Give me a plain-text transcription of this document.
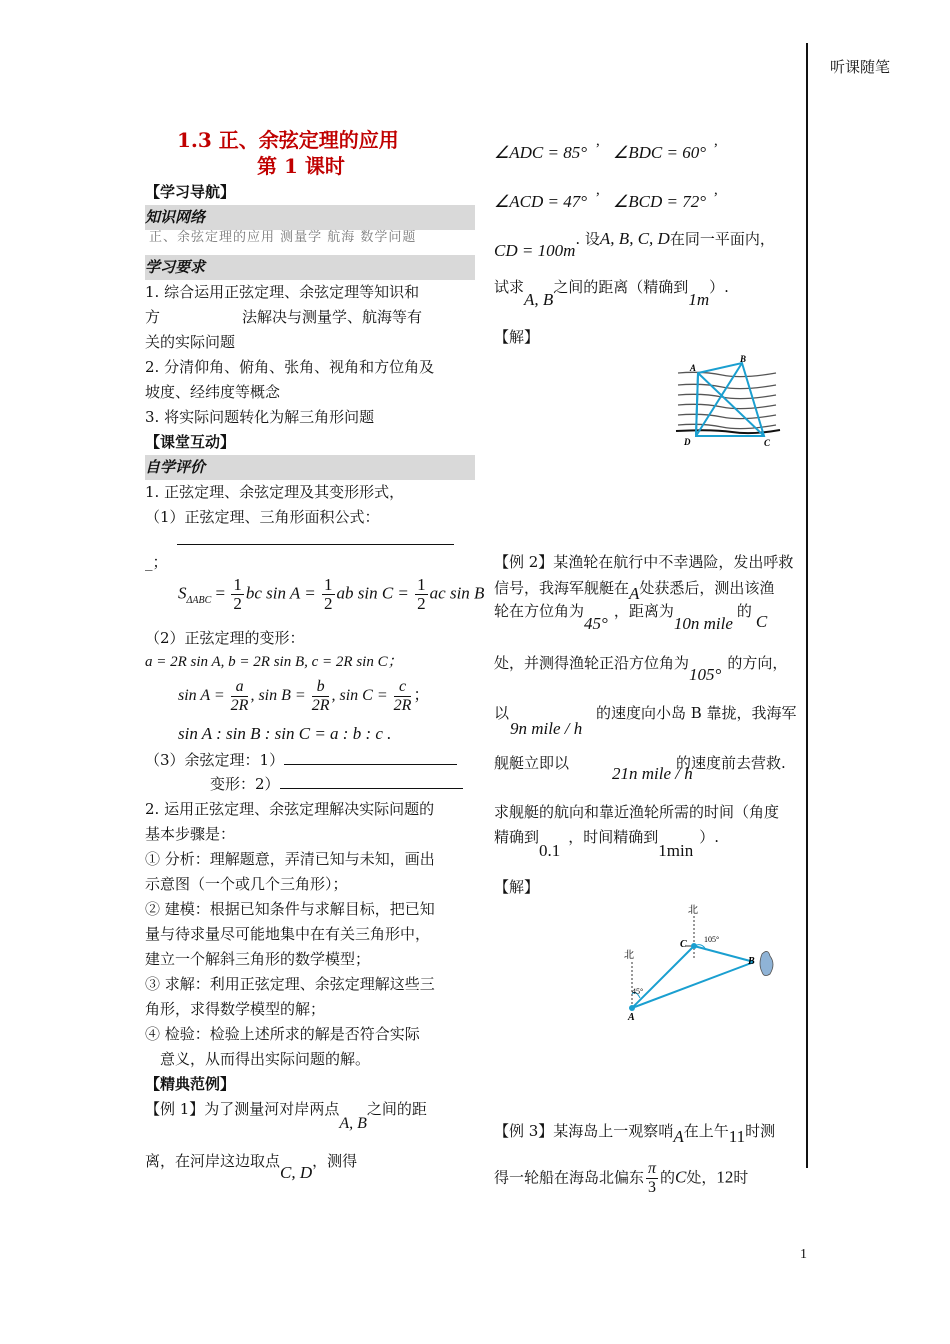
听课随笔
1
1.3 正、余弦定理的应用
第 1 课时
【学习导航】
知识网络
正、余弦定理的应用 测量学 航海 数学问题
学习要求
1. 综合运用正弦定理、余弦定理等知识和
方	法解决与测量学、航海等有
关的实际问题
2. 分清仰角、俯角、张角、视角和方位角及
坡度、经纬度等概念
3. 将实际问题转化为解三角形问题
【课堂互动】
自学评价
1. 正弦定理、余弦定理及其变形形式，
（1）正弦定理、三角形面积公式：
_；
$S_{\Delta ABC} = \frac{1}{2}$ bc $\sin A = \frac{1}{2}$ ab $\sin C = \frac{1}{2}$ ac sin B
（2）正弦定理的变形：
a = 2R sin A, b = 2R sin B, c = 2R sin C；
$\sin A = \frac{a}{2R}$ , $\sin B = \frac{b}{2R}$ , $\sin C = \frac{c}{2R}$ ；
sin A : sin B : sin C = a : b : c .
（3）余弦定理：1）
变形：2）
2. 运用正弦定理、余弦定理解决实际问题的
基本步骤是：
① 分析：理解题意，弄清已知与未知，画出
示意图（一个或几个三角形）；
② 建模：根据已知条件与求解目标，把已知
量与待求量尽可能地集中在有关三角形中，
建立一个解斜三角形的数学模型；
③ 求解：利用正弦定理、余弦定理解这些三
角形，求得数学模型的解；
④ 检验：检验上述所求的解是否符合实际
意义，从而得出实际问题的解。
【精典范例】
【例 1】为了测量河对岸两点A, B之间的距
离，在河岸这边取点C, D，测得
∠ADC = 85°
,
∠BDC = 60°
,
∠ACD = 47°
,
∠BCD = 72°
,
CD = 100m. 设A, B, C, D在同一平面内，
试求A, B之间的距离（精确到1m）.
【解】
A
B
D	C
【例 2】某渔轮在航行中不幸遇险，发出呼救
信号，我海军舰艇在A处获悉后，测出该渔
轮在方位角为45°，距离为10n mile的C
处，并测得渔轮正沿方位角为105°的方向，
以
9n mile / h
的速度向小岛 B 靠拢，我海军
舰艇立即以
21n mile / h
的速度前去营救.
求舰艇的航向和靠近渔轮所需的时间（角度
精确到0.1，时间精确到1min）.
【解】
北
北
C
B
A
105°
45°
【例 3】某海岛上一观察哨A在上午11时测
得一轮船在海岛北偏东 $\frac{\pi}{3}$ 的C处，12时
